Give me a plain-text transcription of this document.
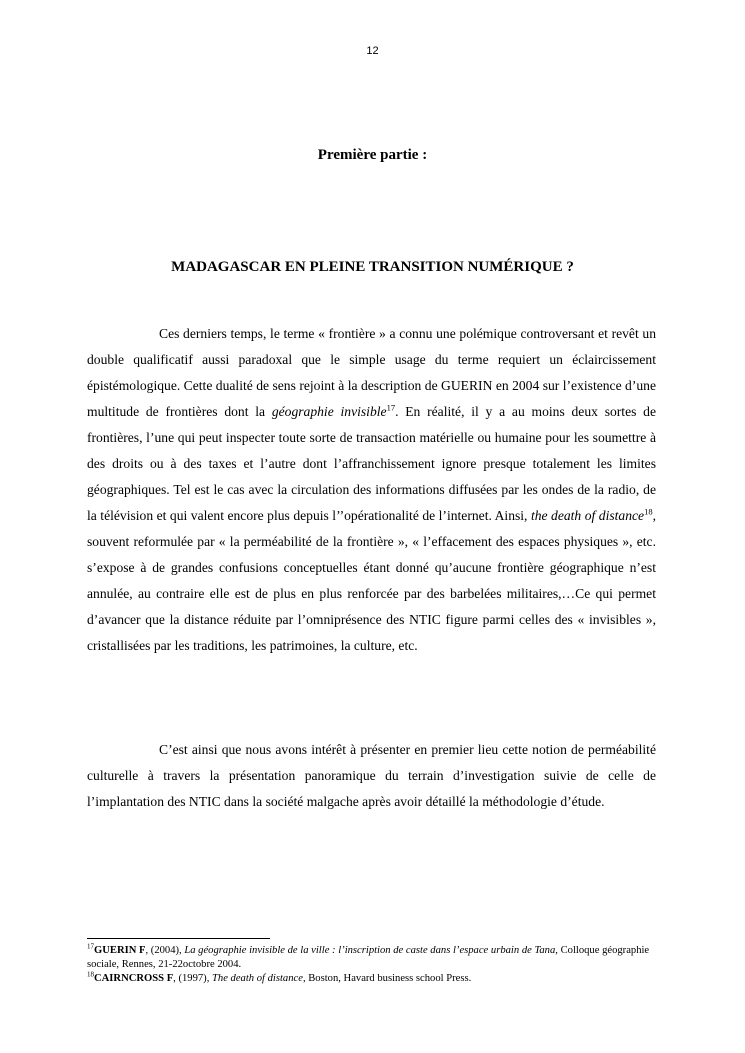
12
Première partie :
MADAGASCAR EN PLEINE TRANSITION NUMÉRIQUE ?

Ces derniers temps, le terme « frontière » a connu une polémique controversant et revêt un double qualificatif aussi paradoxal que le simple usage du terme requiert un éclaircissement épistémologique. Cette dualité de sens rejoint à la description de GUERIN en 2004 sur l’existence d’une multitude de frontières dont la géographie invisible$^{17}$. En réalité, il y a au moins deux sortes de frontières, l’une qui peut inspecter toute sorte de transaction matérielle ou humaine pour les soumettre à des droits ou à des taxes et l’autre dont l’affranchissement ignore presque totalement les limites géographiques. Tel est le cas avec la circulation des informations diffusées par les ondes de la radio, de la télévision et qui valent encore plus depuis l’’opérationalité de l’internet. Ainsi, the death of distance$^{18}$, souvent reformulée par « la perméabilité de la frontière », « l’effacement des espaces physiques », etc. s’expose à de grandes confusions conceptuelles étant donné qu’aucune frontière géographique n’est annulée, au contraire elle est de plus en plus renforcée par des barbelées militaires,…Ce qui permet d’avancer que la distance réduite par l’omniprésence des NTIC figure parmi celles des « invisibles », cristallisées par les traditions, les patrimoines, la culture, etc.

C’est ainsi que nous avons intérêt à présenter en premier lieu cette notion de perméabilité culturelle à travers la présentation panoramique du terrain d’investigation suivie de celle de l’implantation des NTIC dans la société malgache après avoir détaillé la méthodologie d’étude.

$^{17}$GUERIN F, (2004), La géographie invisible de la ville : l’inscription de caste dans l’espace urbain de Tana, Colloque géographie sociale, Rennes, 21-22octobre 2004.

$^{18}$CAIRNCROSS F, (1997), The death of distance, Boston, Havard business school Press.
